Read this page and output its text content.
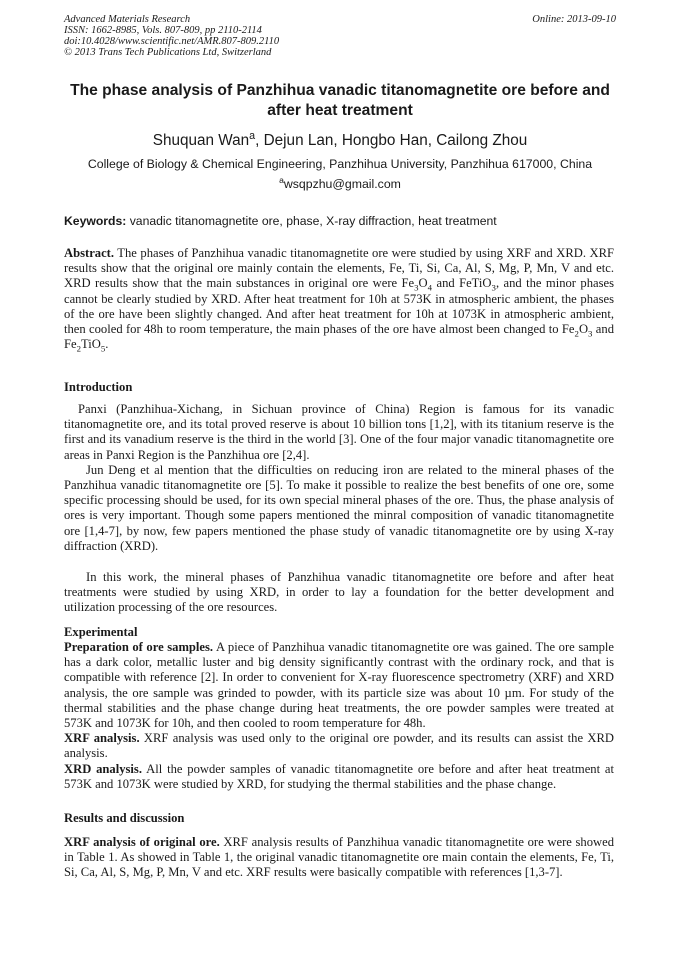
Advanced Materials Research
ISSN: 1662-8985, Vols. 807-809, pp 2110-2114
doi:10.4028/www.scientific.net/AMR.807-809.2110
© 2013 Trans Tech Publications Ltd, Switzerland
Online: 2013-09-10
The phase analysis of Panzhihua vanadic titanomagnetite ore before and after heat treatment
Shuquan Wan$^a$, Dejun Lan, Hongbo Han, Cailong Zhou
College of Biology & Chemical Engineering, Panzhihua University, Panzhihua 617000, China
$^a$wsqpzhu@gmail.com
Keywords: vanadic titanomagnetite ore, phase, X-ray diffraction, heat treatment

Abstract. The phases of Panzhihua vanadic titanomagnetite ore were studied by using XRF and XRD. XRF results show that the original ore mainly contain the elements, Fe, Ti, Si, Ca, Al, S, Mg, P, Mn, V and etc. XRD results show that the main substances in original ore were $Fe_3O_4$ and FeTiO$_3$, and the minor phases cannot be clearly studied by XRD. After heat treatment for 10h at 573K in atmospheric ambient, the phases of the ore have been slightly changed. And after heat treatment for 10h at 1073K in atmospheric ambient, then cooled for 48h to room temperature, the main phases of the ore have almost been changed to $Fe_2O_3$ and $Fe_2TiO_5$.

Introduction

Panxi (Panzhihua-Xichang, in Sichuan province of China) Region is famous for its vanadic titanomagnetite ore, and its total proved reserve is about 10 billion tons [1,2], with its titanium reserve is the first and its vanadium reserve is the third in the world [3]. One of the four major vanadic titanomagnetite ore areas in Panxi Region is the Panzhihua ore [2,4].

Jun Deng et al mention that the difficulties on reducing iron are related to the mineral phases of the Panzhihua vanadic titanomagnetite ore [5]. To make it possible to realize the best benefits of one ore, some specific processing should be used, for its own special mineral phases of the ore. Thus, the phase analysis of ores is very important. Though some papers mentioned the minral composition of vanadic titanomagnetite ore [1,4-7], by now, few papers mentioned the phase study of vanadic titanomagnetite ore by using X-ray diffraction (XRD).

In this work, the mineral phases of Panzhihua vanadic titanomagnetite ore before and after heat treatments were studied by using XRD, in order to lay a foundation for the better development and utilization processing of the ore resources.

Experimental

Preparation of ore samples. A piece of Panzhihua vanadic titanomagnetite ore was gained. The ore sample has a dark color, metallic luster and big density significantly contrast with the ordinary rock, and that is compatible with reference [2]. In order to convenient for X-ray fluorescence spectrometry (XRF) and XRD analysis, the ore sample was grinded to powder, with its particle size was about 10 µm. For study of the thermal stabilities and the phase change during heat treatments, the ore powder samples were treated at 573K and 1073K for 10h, and then cooled to room temperature for 48h.

XRF analysis. XRF analysis was used only to the original ore powder, and its results can assist the XRD analysis.

XRD analysis. All the powder samples of vanadic titanomagnetite ore before and after heat treatment at 573K and 1073K were studied by XRD, for studying the thermal stabilities and the phase change.

Results and discussion

XRF analysis of original ore. XRF analysis results of Panzhihua vanadic titanomagnetite ore were showed in Table 1. As showed in Table 1, the original vanadic titanomagnetite ore main contain the elements, Fe, Ti, Si, Ca, Al, S, Mg, P, Mn, V and etc. XRF results were basically compatible with references [1,3-7].
